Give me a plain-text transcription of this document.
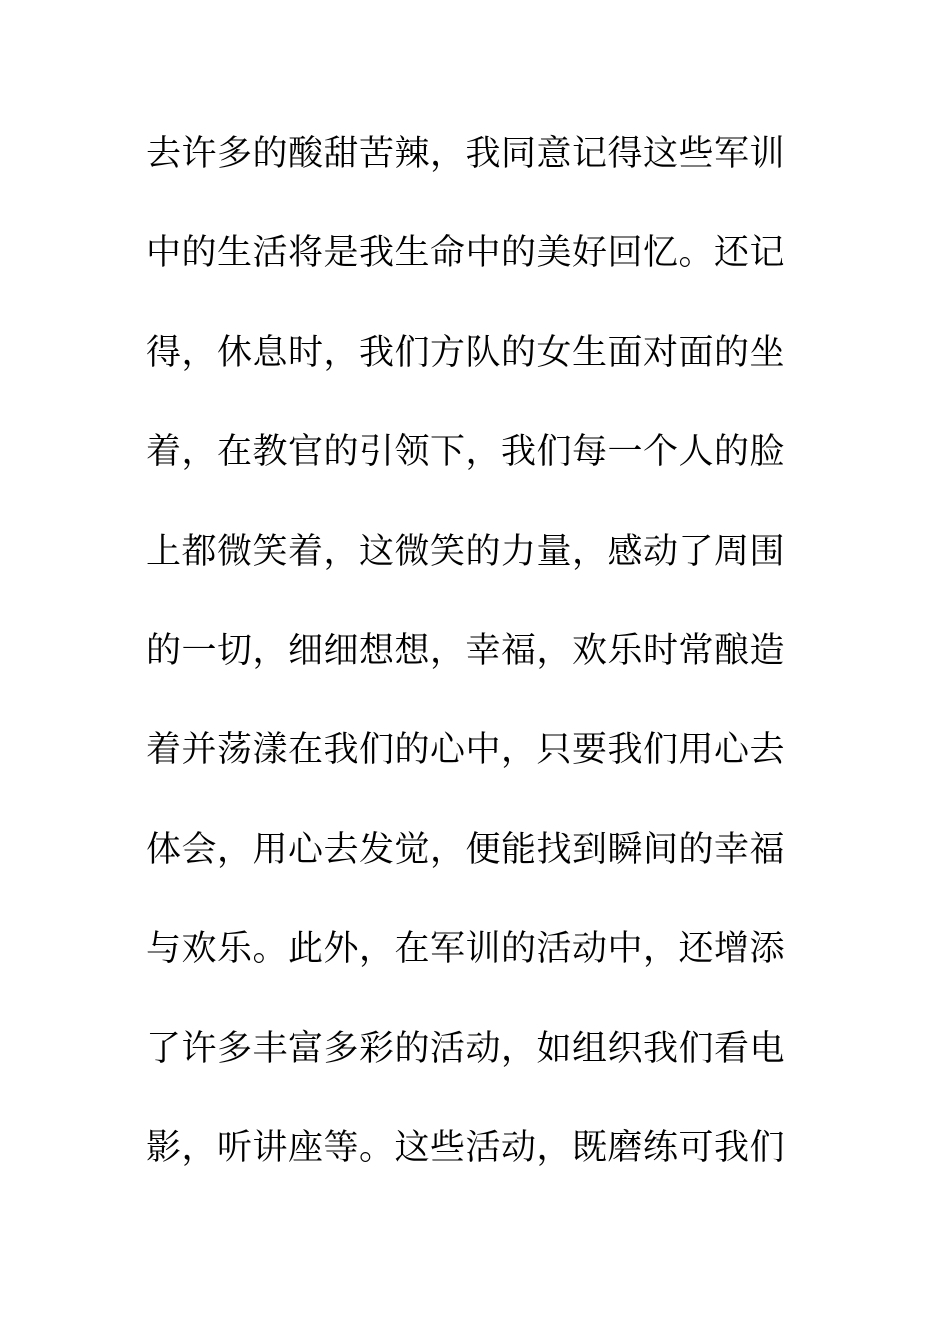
去许多的酸甜苦辣，我同意记得这些军训
中的生活将是我生命中的美好回忆。还记
得，休息时，我们方队的女生面对面的坐
着，在教官的引领下，我们每一个人的脸
上都微笑着，这微笑的力量，感动了周围
的一切，细细想想，幸福，欢乐时常酿造
着并荡漾在我们的心中，只要我们用心去
体会，用心去发觉，便能找到瞬间的幸福
与欢乐。此外，在军训的活动中，还增添
了许多丰富多彩的活动，如组织我们看电
影，听讲座等。这些活动，既磨练可我们
